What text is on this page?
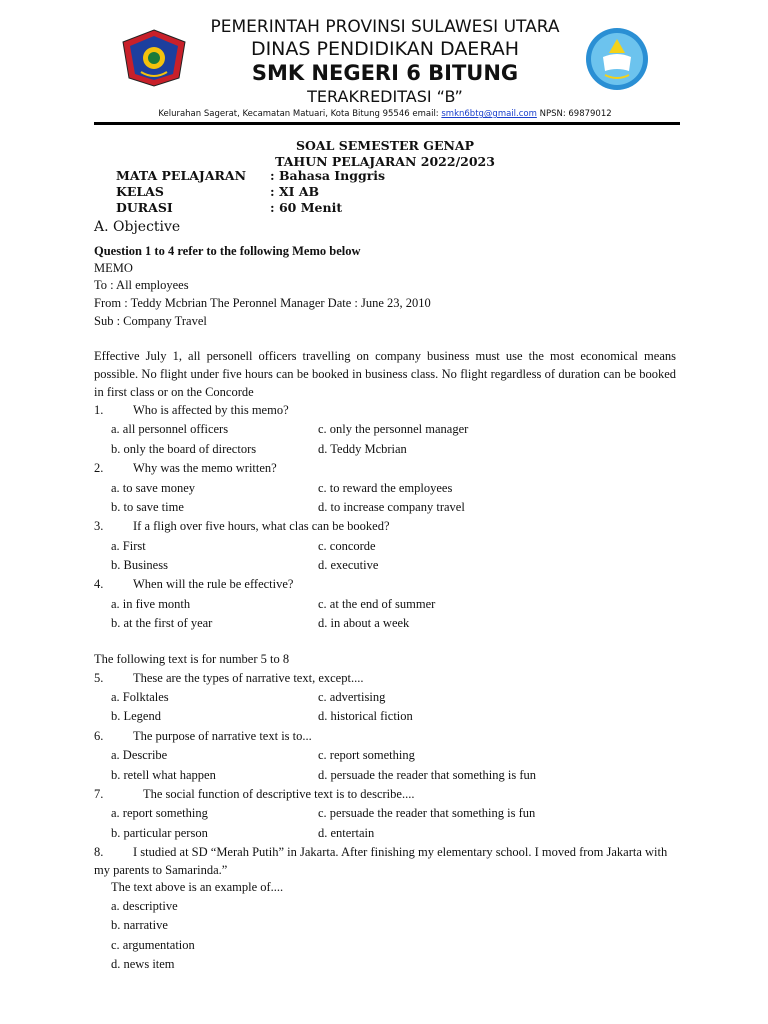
PEMERINTAH PROVINSI SULAWESI UTARA
DINAS PENDIDIKAN DAERAH
SMK NEGERI 6 BITUNG
TERAKREDITASI “B”
Kelurahan Sagerat, Kecamatan Matuari, Kota Bitung 95546 email: smkn6btg@gmail.com NPSN: 69879012
SOAL SEMESTER GENAP
TAHUN PELAJARAN 2022/2023
MATA PELAJARAN : Bahasa Inggris
KELAS	: XI AB
DURASI	: 60 Menit
A. Objective
Question 1 to 4 refer to the following Memo below
MEMO
To : All employees
From : Teddy Mcbrian The Peronnel Manager Date : June 23, 2010
Sub : Company Travel
Effective July 1, all personell officers travelling on company business must use the most economical means possible. No flight under five hours can be booked in business class. No flight regardless of duration can be booked in first class or on the Concorde
1. Who is affected by this memo?
a. all personnel officers	c. only the personnel manager
b. only the board of directors	d. Teddy Mcbrian
2. Why was the memo written?
a. to save money	c. to reward the employees
b. to save time	d. to increase company travel
3. If a fligh over five hours, what clas can be booked?
a. First	c. concorde
b. Business	d. executive
4. When will the rule be effective?
a. in five month	c. at the end of summer
b. at the first of year	d. in about a week
The following text is for number 5 to 8
5. These are the types of narrative text, except....
a. Folktales	c. advertising
b. Legend	d. historical fiction
6. The purpose of narrative text is to...
a. Describe	c. report something
b. retell what happen	d. persuade the reader that something is fun
7.	The social function of descriptive text is to describe....
a. report something	c. persuade the reader that something is fun
b. particular person	d. entertain
8.	I studied at SD “Merah Putih” in Jakarta. After finishing my elementary school. I moved from Jakarta with my parents to Samarinda.”
The text above is an example of....
a. descriptive
b. narrative
c. argumentation
d. news item
